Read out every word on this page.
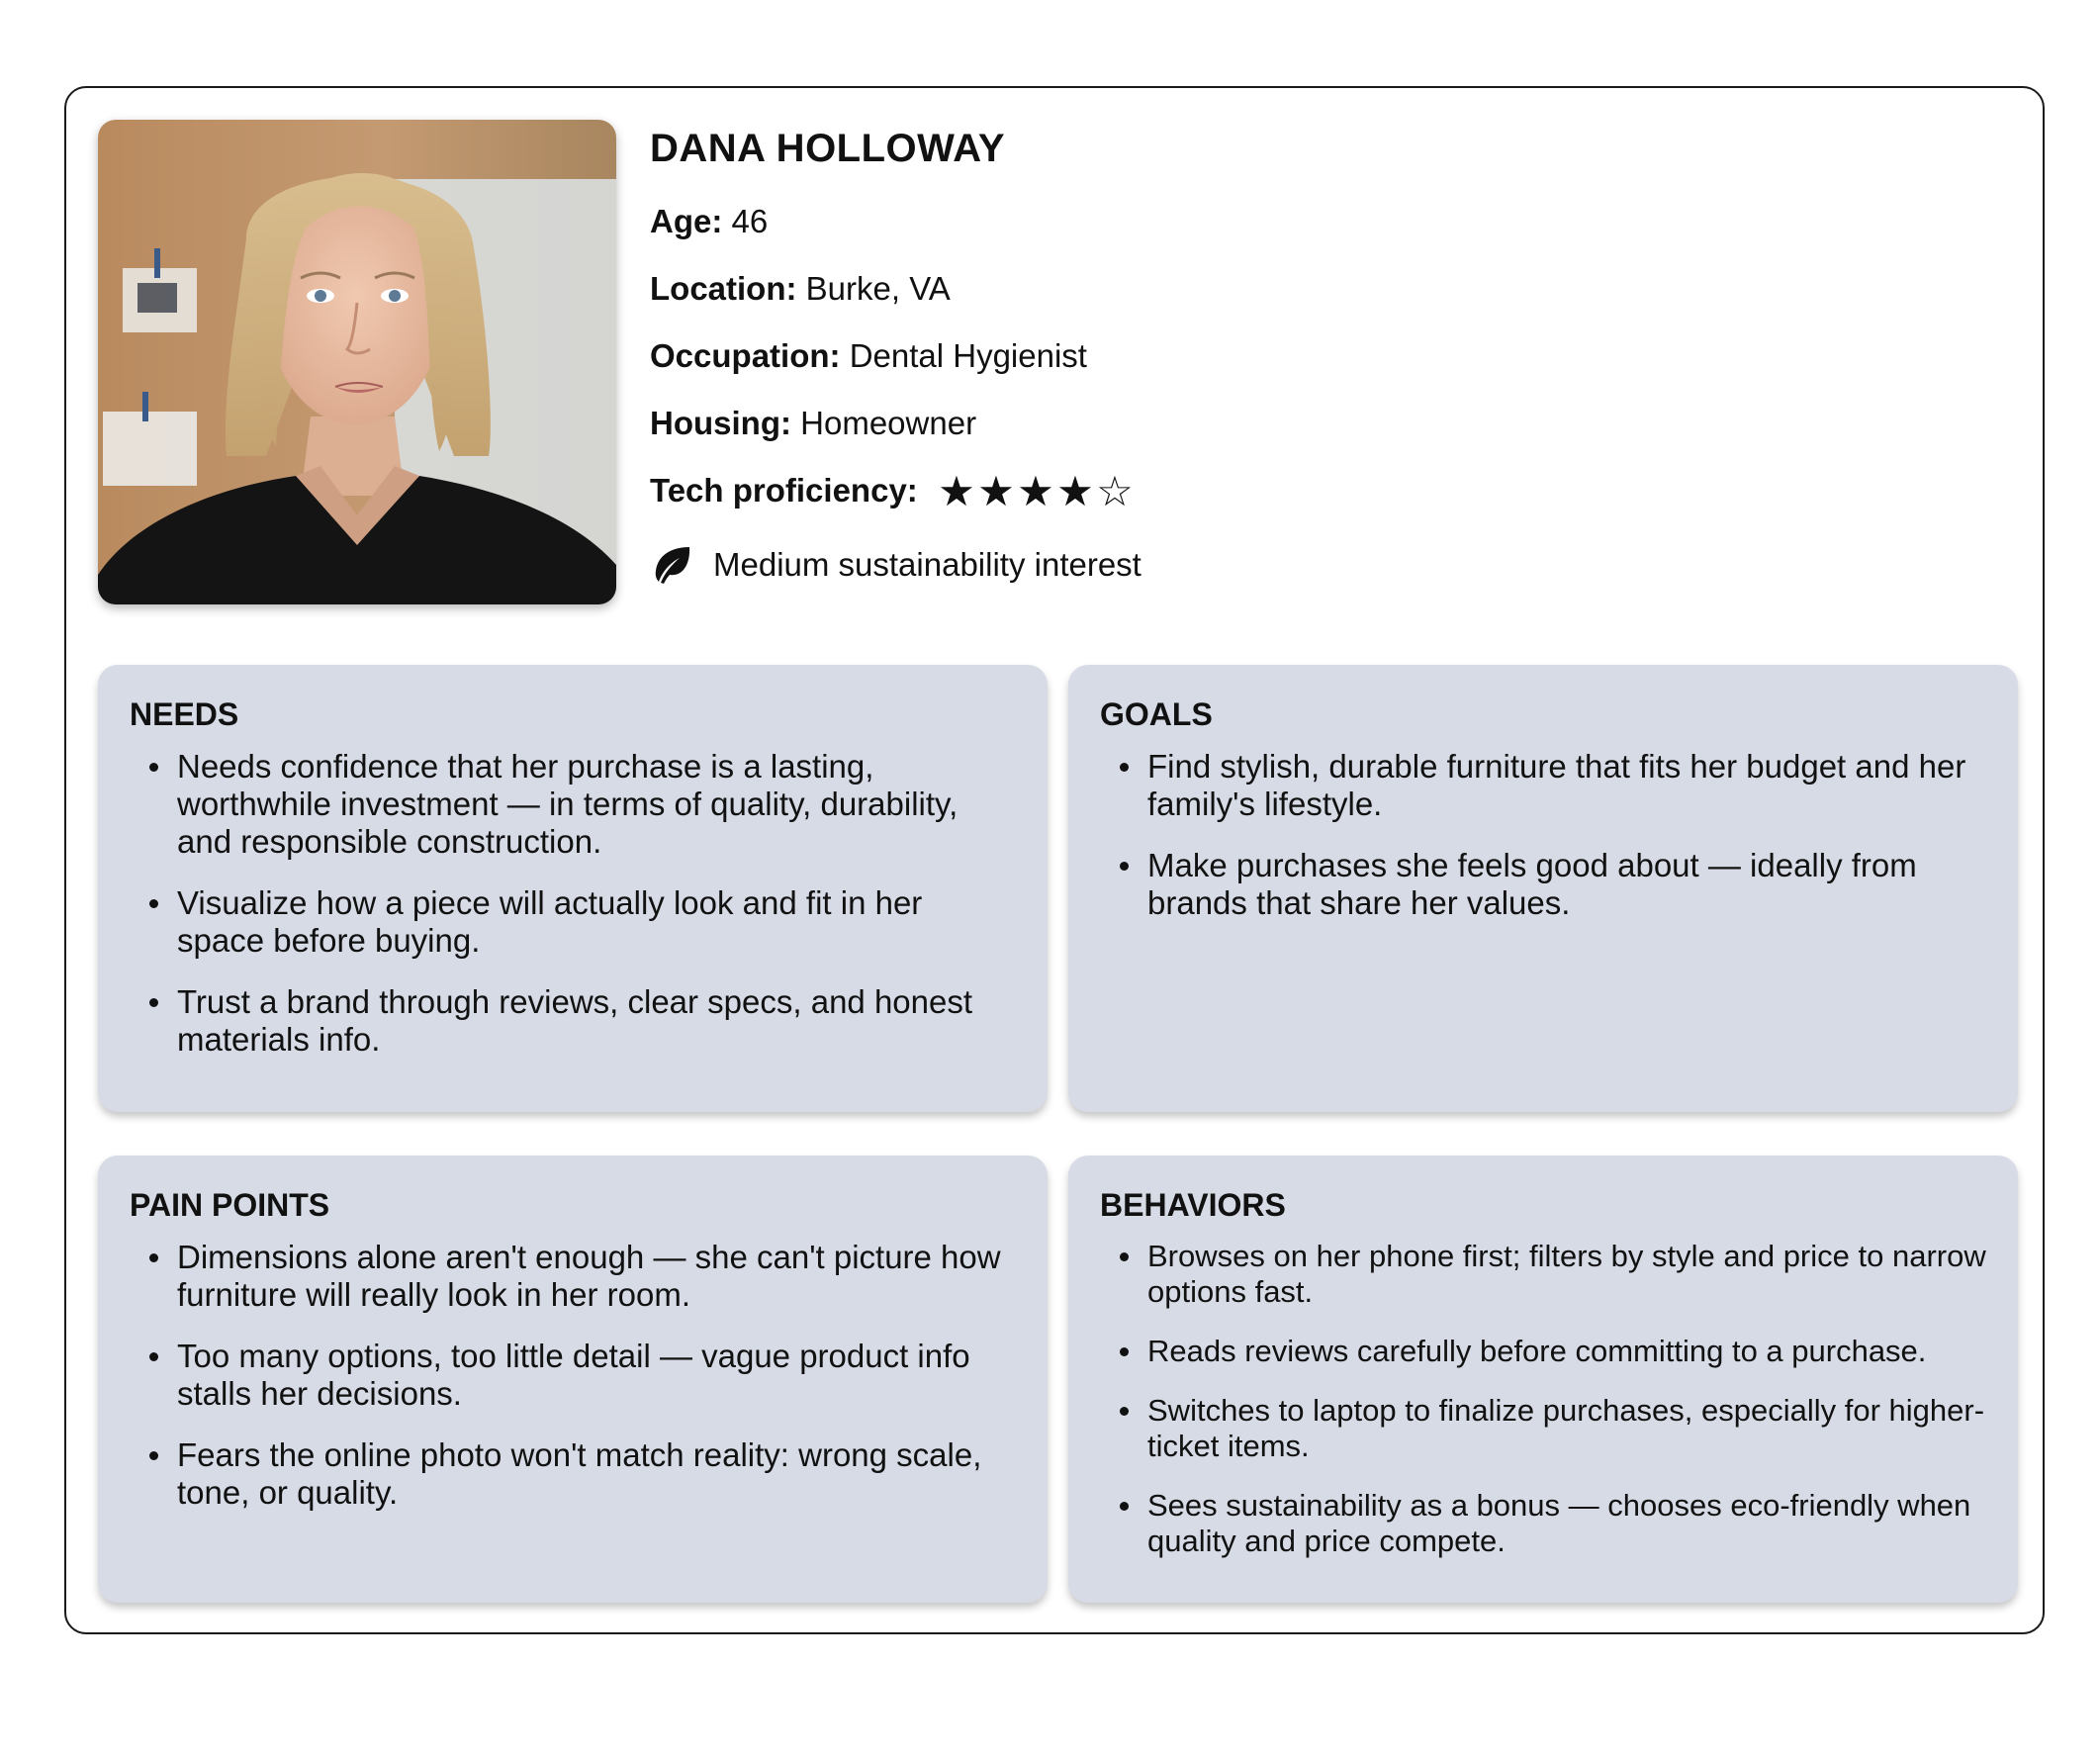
DANA HOLLOWAY
Age: 46
Location: Burke, VA
Occupation: Dental Hygienist
Housing: Homeowner
Tech proficiency: ★★★★☆
Medium sustainability interest
NEEDS
Needs confidence that her purchase is a lasting, worthwhile investment — in terms of quality, durability, and responsible construction.
Visualize how a piece will actually look and fit in her space before buying.
Trust a brand through reviews, clear specs, and honest materials info.
GOALS
Find stylish, durable furniture that fits her budget and her family's lifestyle.
Make purchases she feels good about — ideally from brands that share her values.
PAIN POINTS
Dimensions alone aren't enough — she can't picture how furniture will really look in her room.
Too many options, too little detail — vague product info stalls her decisions.
Fears the online photo won't match reality: wrong scale, tone, or quality.
BEHAVIORS
Browses on her phone first; filters by style and price to narrow options fast.
Reads reviews carefully before committing to a purchase.
Switches to laptop to finalize purchases, especially for higher-ticket items.
Sees sustainability as a bonus — chooses eco-friendly when quality and price compete.
